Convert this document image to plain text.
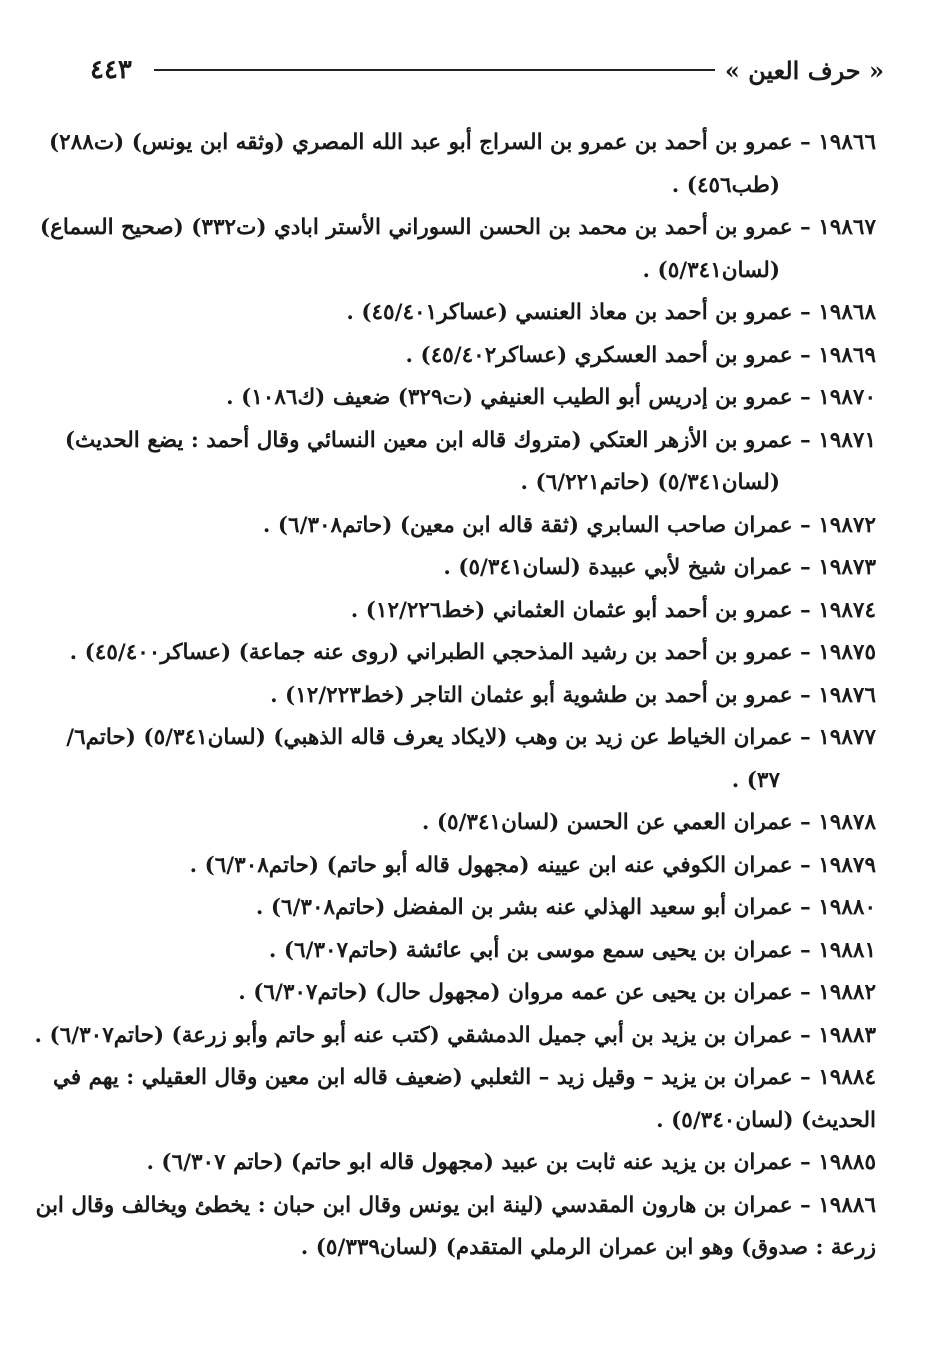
٤٤٣	« حرف العين »
١٩٨٦٦ – عمرو بن أحمد بن عمرو بن السراج أبو عبد الله المصري (وثقه ابن يونس) (ت٢٨٨)
(طب٤٥٦) .
١٩٨٦٧ – عمرو بن أحمد بن محمد بن الحسن السوراني الأستر ابادي (ت٣٣٢) (صحيح السماع)
(لسان٥/٣٤١) .
١٩٨٦٨ – عمرو بن أحمد بن معاذ العنسي (عساكر٤٥/٤٠١) .
١٩٨٦٩ – عمرو بن أحمد العسكري (عساكر٤٥/٤٠٢) .
١٩٨٧٠ – عمرو بن إدريس أبو الطيب العنيفي (ت٣٢٩) ضعيف (ك١٠٨٦) .
١٩٨٧١ – عمرو بن الأزهر العتكي (متروك قاله ابن معين النسائي وقال أحمد : يضع الحديث)
(لسان٥/٣٤١) (حاتم٦/٢٢١) .
١٩٨٧٢ – عمران صاحب السابري (ثقة قاله ابن معين) (حاتم٦/٣٠٨) .
١٩٨٧٣ – عمران شيخ لأبي عبيدة (لسان٥/٣٤١) .
١٩٨٧٤ – عمرو بن أحمد أبو عثمان العثماني (خط١٢/٢٢٦) .
١٩٨٧٥ – عمرو بن أحمد بن رشيد المذحجي الطبراني (روى عنه جماعة) (عساكر٤٥/٤٠٠) .
١٩٨٧٦ – عمرو بن أحمد بن طشوية أبو عثمان التاجر (خط١٢/٢٢٣) .
١٩٨٧٧ – عمران الخياط عن زيد بن وهب (لايكاد يعرف قاله الذهبي) (لسان٥/٣٤١) (حاتم٦/
٣٧) .
١٩٨٧٨ – عمران العمي عن الحسن (لسان٥/٣٤١) .
١٩٨٧٩ – عمران الكوفي عنه ابن عيينه (مجهول قاله أبو حاتم) (حاتم٦/٣٠٨) .
١٩٨٨٠ – عمران أبو سعيد الهذلي عنه بشر بن المفضل (حاتم٦/٣٠٨) .
١٩٨٨١ – عمران بن يحيى سمع موسى بن أبي عائشة (حاتم٦/٣٠٧) .
١٩٨٨٢ – عمران بن يحيى عن عمه مروان (مجهول حال) (حاتم٦/٣٠٧) .
١٩٨٨٣ – عمران بن يزيد بن أبي جميل الدمشقي (كتب عنه أبو حاتم وأبو زرعة) (حاتم٦/٣٠٧) .
١٩٨٨٤ – عمران بن يزيد – وقيل زيد – الثعلبي (ضعيف قاله ابن معين وقال العقيلي : يهم في
الحديث) (لسان٥/٣٤٠) .
١٩٨٨٥ – عمران بن يزيد عنه ثابت بن عبيد (مجهول قاله ابو حاتم) (حاتم ٦/٣٠٧) .
١٩٨٨٦ – عمران بن هارون المقدسي (لينة ابن يونس وقال ابن حبان : يخطئ ويخالف وقال ابن
زرعة : صدوق) وهو ابن عمران الرملي المتقدم) (لسان٥/٣٣٩) .
